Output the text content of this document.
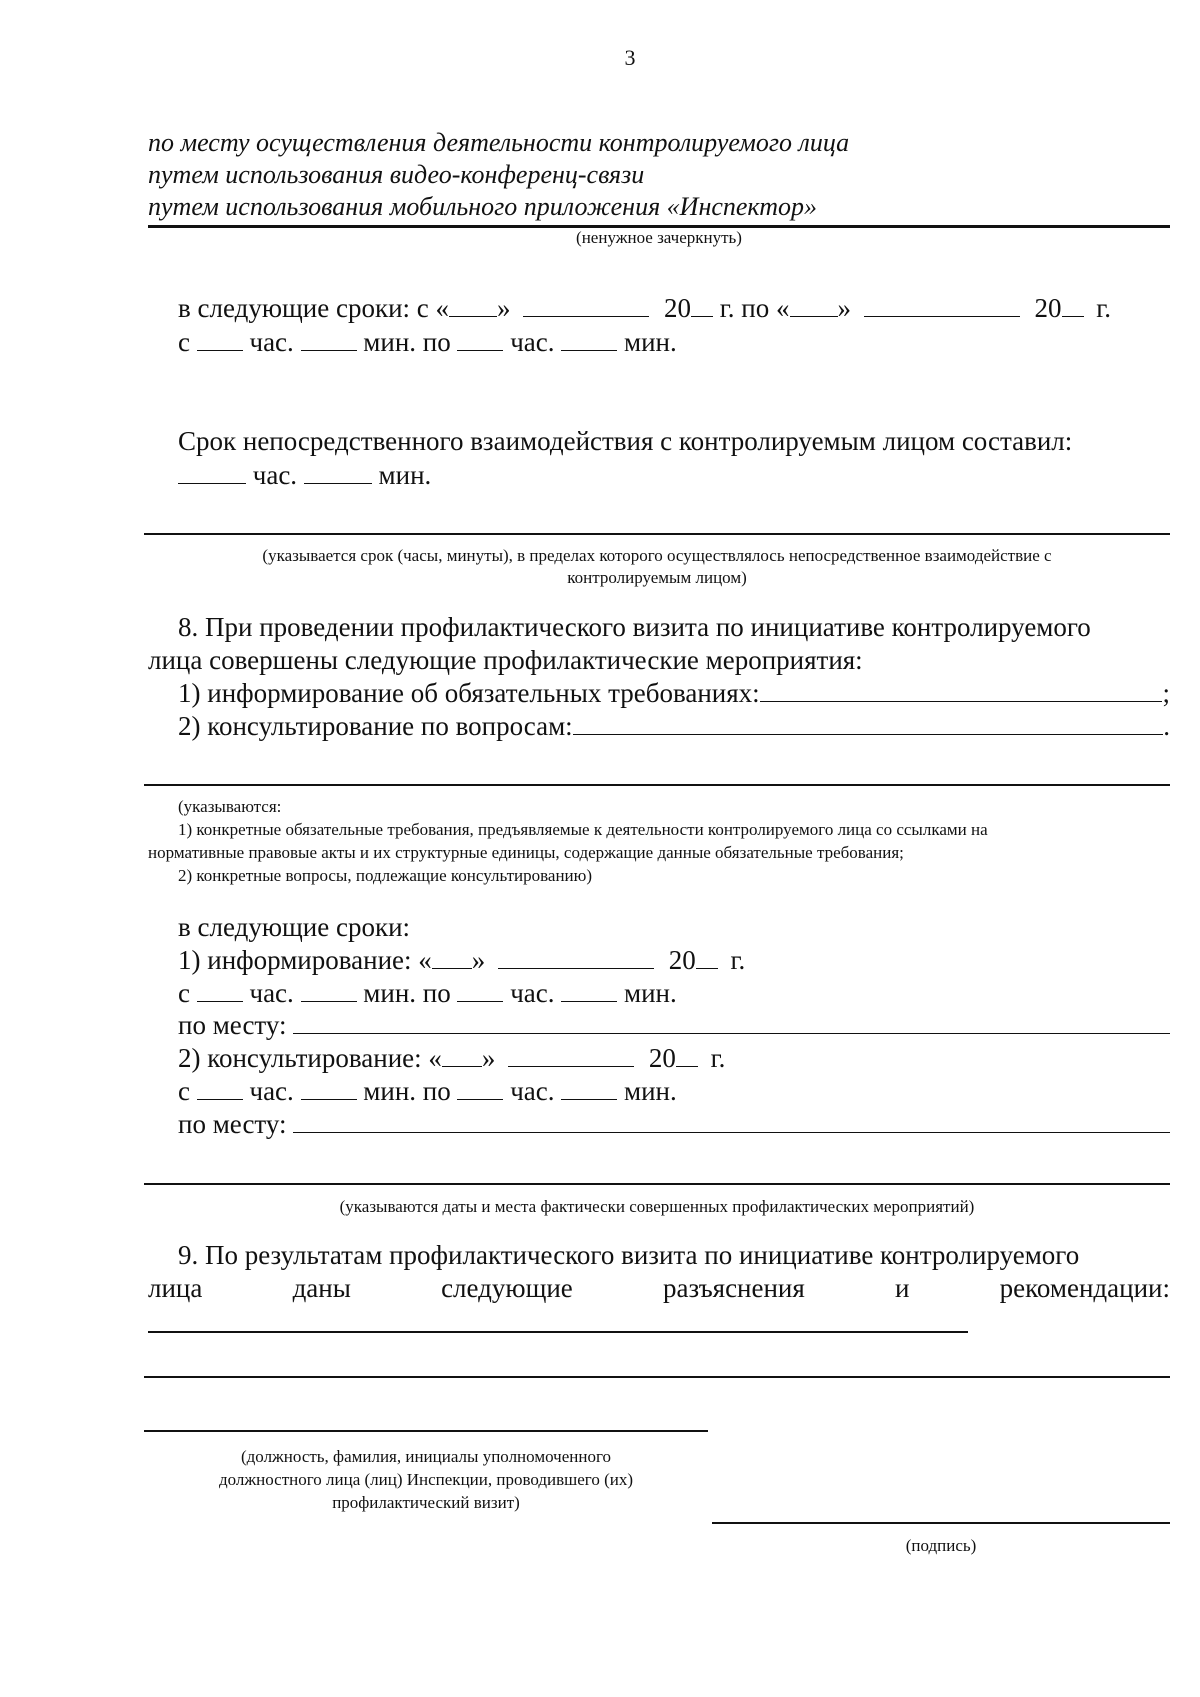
3
по месту осуществления деятельности контролируемого лица
путем использования видео-конференц-связи
путем использования мобильного приложения «Инспектор»
(ненужное зачеркнуть)
в следующие сроки: с « »	20 г. по « »	20 г.
с час.	мин. по час.	мин.
Срок непосредственного взаимодействия с контролируемым лицом составил:
час.	мин.
(указывается срок (часы, минуты), в пределах которого осуществлялось непосредственное взаимодействие с
контролируемым лицом)
8. При проведении профилактического визита по инициативе контролируемого
лица совершены следующие профилактические мероприятия:
1) информирование об обязательных требованиях:	;
2) консультирование по вопросам:	.
(указываются:
1) конкретные обязательные требования, предъявляемые к деятельности контролируемого лица со ссылками на
нормативные правовые акты и их структурные единицы, содержащие данные обязательные требования;
2) конкретные вопросы, подлежащие консультированию)
в следующие сроки:
1) информирование: « »	20 г.
с час.	мин. по час.	мин.
по месту:
2) консультирование: « »	20 г.
с час.	мин. по час.	мин.
по месту:
(указываются даты и места фактически совершенных профилактических мероприятий)
9. По результатам профилактического визита по инициативе контролируемого
лица	даны	следующие	разъяснения	и	рекомендации:
(должность, фамилия, инициалы уполномоченного
должностного лица (лиц) Инспекции, проводившего (их)
профилактический визит)
(подпись)
